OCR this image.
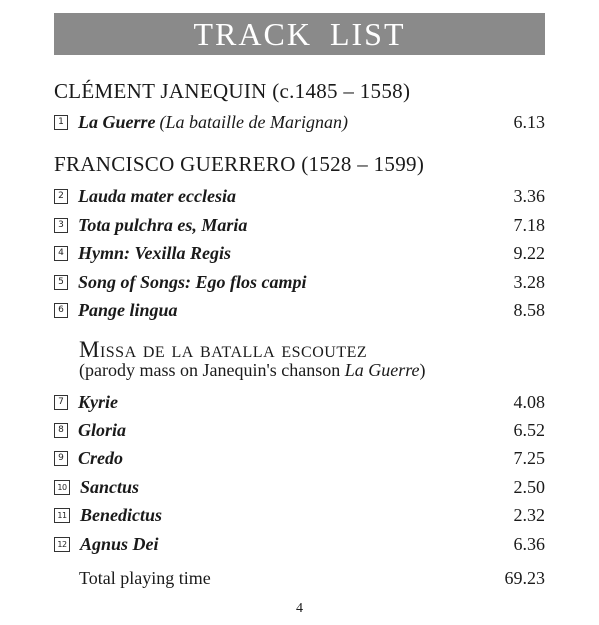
TRACK LIST
CLÉMENT JANEQUIN (c.1485 – 1558)
1 La Guerre (La bataille de Marignan)	6.13
FRANCISCO GUERRERO (1528 – 1599)
2 Lauda mater ecclesia	3.36
3 Tota pulchra es, Maria	7.18
4 Hymn: Vexilla Regis	9.22
5 Song of Songs: Ego flos campi	3.28
6 Pange lingua	8.58
Missa de la batalla escoutez
(parody mass on Janequin's chanson La Guerre)
7 Kyrie	4.08
8 Gloria	6.52
9 Credo	7.25
10 Sanctus	2.50
11 Benedictus	2.32
12 Agnus Dei	6.36
Total playing time	69.23
4
